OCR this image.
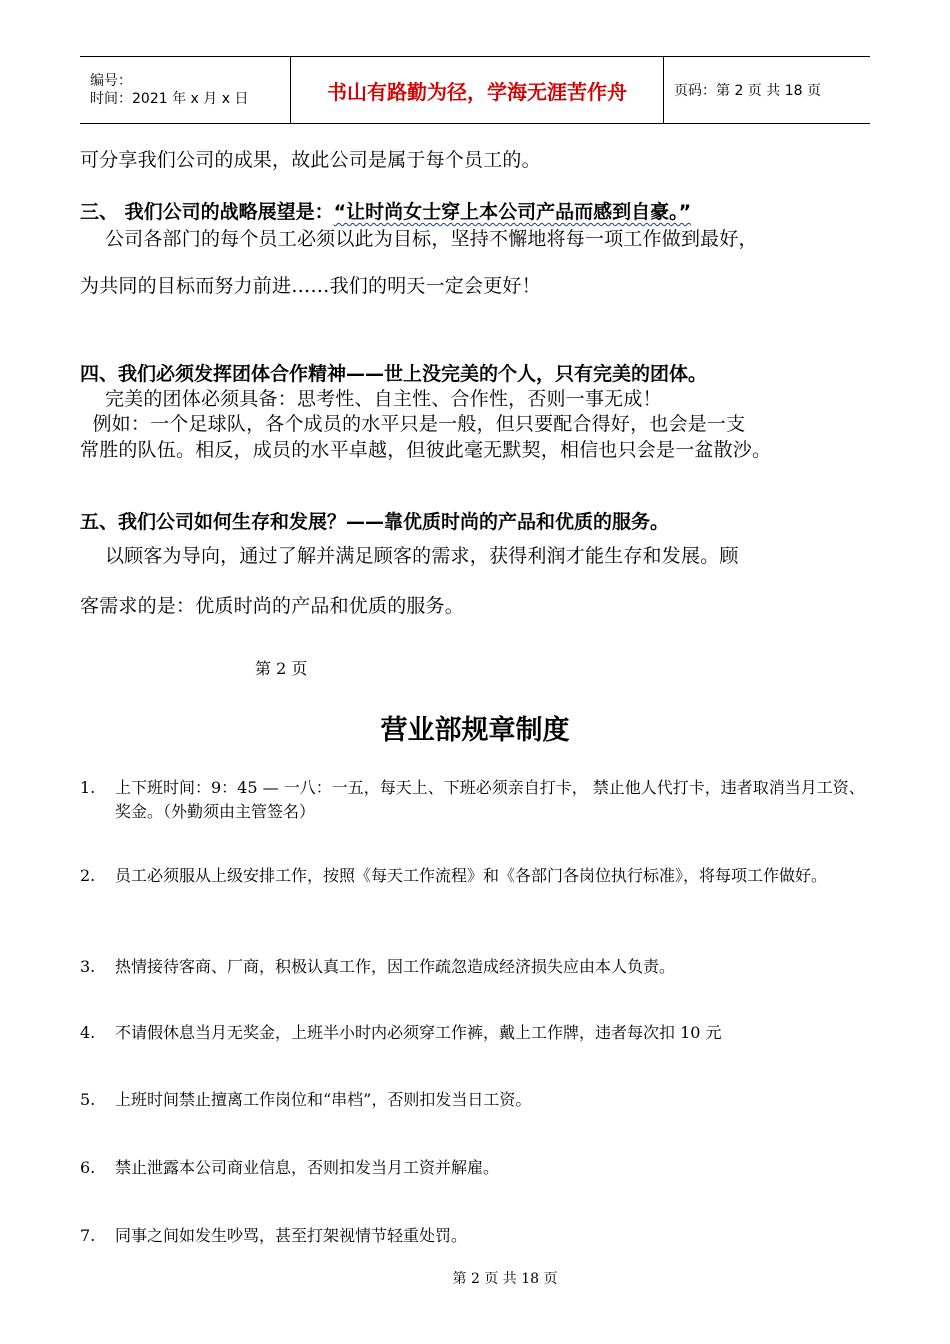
编号：
时间：2021 年 x 月 x 日	书山有路勤为径，学海无涯苦作舟	页码：第 2 页 共 18 页
可分享我们公司的成果，故此公司是属于每个员工的。
三、 我们公司的战略展望是：“让时尚女士穿上本公司产品而感到自豪。”
公司各部门的每个员工必须以此为目标，坚持不懈地将每一项工作做到最好，
为共同的目标而努力前进……我们的明天一定会更好！
四、我们必须发挥团体合作精神——世上没完美的个人，只有完美的团体。
完美的团体必须具备：思考性、自主性、合作性，否则一事无成！
例如：一个足球队，各个成员的水平只是一般，但只要配合得好，也会是一支
常胜的队伍。相反，成员的水平卓越，但彼此毫无默契，相信也只会是一盆散沙。
五、我们公司如何生存和发展？——靠优质时尚的产品和优质的服务。
以顾客为导向，通过了解并满足顾客的需求，获得利润才能生存和发展。顾
客需求的是：优质时尚的产品和优质的服务。
第 2 页
营业部规章制度
1.	上下班时间：9：45 — 一八：一五，每天上、下班必须亲自打卡， 禁止他人代打卡，违者取消当月工资、奖金。（外勤须由主管签名）
2.	员工必须服从上级安排工作，按照《每天工作流程》和《各部门各岗位执行标准》，将每项工作做好。
3.	热情接待客商、厂商，积极认真工作，因工作疏忽造成经济损失应由本人负责。
4.	不请假休息当月无奖金，上班半小时内必须穿工作裤，戴上工作牌，违者每次扣 10 元
5.	上班时间禁止擅离工作岗位和“串档”，否则扣发当日工资。
6.	禁止泄露本公司商业信息，否则扣发当月工资并解雇。
7.	同事之间如发生吵骂，甚至打架视情节轻重处罚。
第 2 页 共 18 页
